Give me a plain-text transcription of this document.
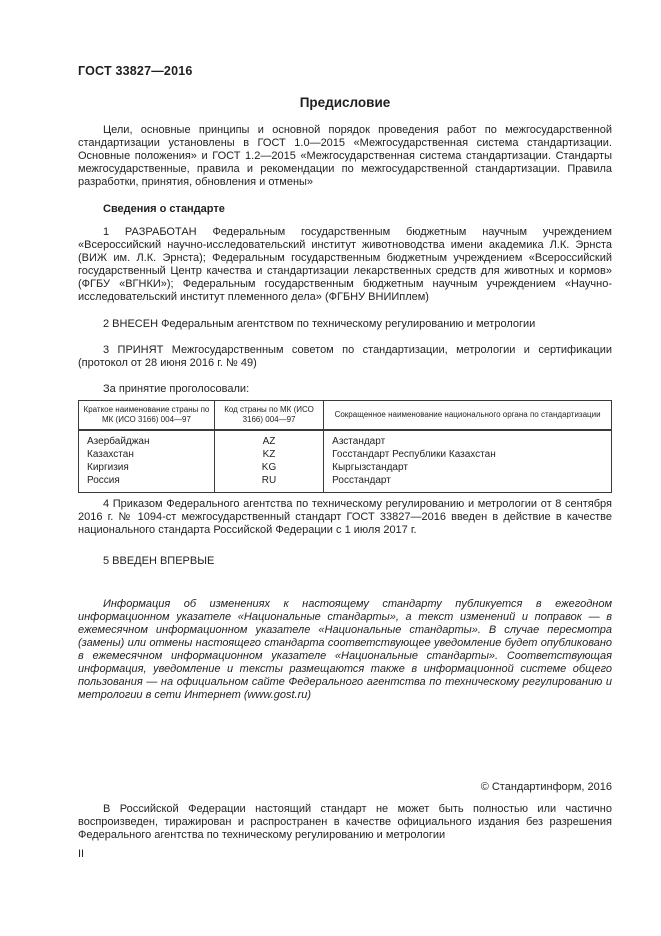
ГОСТ 33827—2016
Предисловие

Цели, основные принципы и основной порядок проведения работ по межгосударственной стандартизации установлены в ГОСТ 1.0—2015 «Межгосударственная система стандартизации. Основные положения» и ГОСТ 1.2—2015 «Межгосударственная система стандартизации. Стандарты межгосударственные, правила и рекомендации по межгосударственной стандартизации. Правила разработки, принятия, обновления и отмены»

Сведения о стандарте

1 РАЗРАБОТАН Федеральным государственным бюджетным научным учреждением «Всероссийский научно-исследовательский институт животноводства имени академика Л.К. Эрнста (ВИЖ им. Л.К. Эрнста); Федеральным государственным бюджетным учреждением «Всероссийский государственный Центр качества и стандартизации лекарственных средств для животных и кормов» (ФГБУ «ВГНКИ»); Федеральным государственным бюджетным научным учреждением «Научно-исследовательский институт племенного дела» (ФГБНУ ВНИИплем)

2 ВНЕСЕН Федеральным агентством по техническому регулированию и метрологии

3 ПРИНЯТ Межгосударственным советом по стандартизации, метрологии и сертификации (протокол от 28 июня 2016 г. № 49)

За принятие проголосовали:

Краткое наименование страны по МК (ИСО 3166) 004—97	Код страны по МК (ИСО 3166) 004—97	Сокращенное наименование национального органа по стандартизации
Азербайджан	AZ	Азстандарт
Казахстан	KZ	Госстандарт Республики Казахстан
Киргизия	KG	Кыргызстандарт
Россия	RU	Росстандарт

4 Приказом Федерального агентства по техническому регулированию и метрологии от 8 сентября 2016 г. № 1094-ст межгосударственный стандарт ГОСТ 33827—2016 введен в действие в качестве национального стандарта Российской Федерации с 1 июля 2017 г.

5 ВВЕДЕН ВПЕРВЫЕ

Информация об изменениях к настоящему стандарту публикуется в ежегодном информационном указателе «Национальные стандарты», а текст изменений и поправок — в ежемесячном информационном указателе «Национальные стандарты». В случае пересмотра (замены) или отмены настоящего стандарта соответствующее уведомление будет опубликовано в ежемесячном информационном указателе «Национальные стандарты». Соответствующая информация, уведомление и тексты размещаются также в информационной системе общего пользования — на официальном сайте Федерального агентства по техническому регулированию и метрологии в сети Интернет (www.gost.ru)

© Стандартинформ, 2016

В Российской Федерации настоящий стандарт не может быть полностью или частично воспроизведен, тиражирован и распространен в качестве официального издания без разрешения Федерального агентства по техническому регулированию и метрологии

II
